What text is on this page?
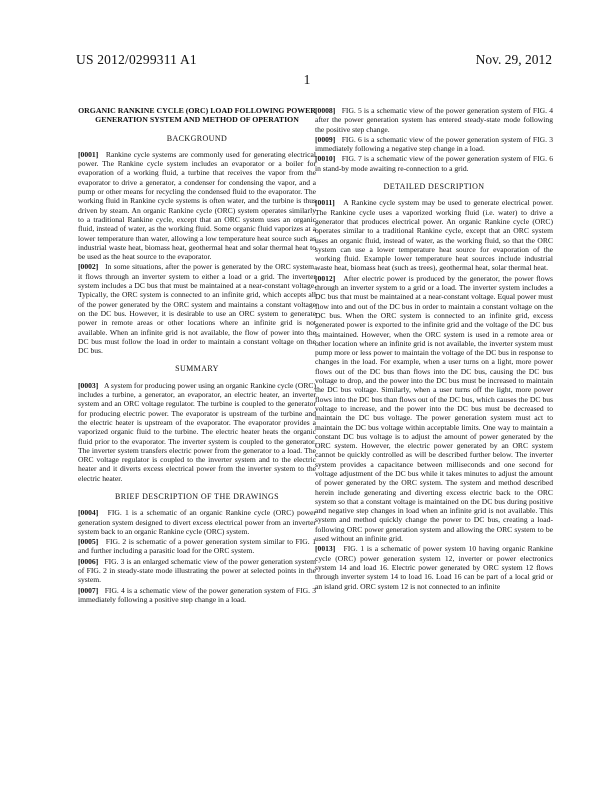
US 2012/0299311 A1	Nov. 29, 2012
1
ORGANIC RANKINE CYCLE (ORC) LOAD FOLLOWING POWER GENERATION SYSTEM AND METHOD OF OPERATION
BACKGROUND

[0001] Rankine cycle systems are commonly used for generating electrical power. The Rankine cycle system includes an evaporator or a boiler for evaporation of a working fluid, a turbine that receives the vapor from the evaporator to drive a generator, a condenser for condensing the vapor, and a pump or other means for recycling the condensed fluid to the evaporator. The working fluid in Rankine cycle systems is often water, and the turbine is thus driven by steam. An organic Rankine cycle (ORC) system operates similarly to a traditional Rankine cycle, except that an ORC system uses an organic fluid, instead of water, as the working fluid. Some organic fluid vaporizes at a lower temperature than water, allowing a low temperature heat source such as industrial waste heat, biomass heat, geothermal heat and solar thermal heat to be used as the heat source to the evaporator.

[0002] In some situations, after the power is generated by the ORC system, it flows through an inverter system to either a load or a grid. The inverter system includes a DC bus that must be maintained at a near-constant voltage. Typically, the ORC system is connected to an infinite grid, which accepts all of the power generated by the ORC system and maintains a constant voltage on the DC bus. However, it is desirable to use an ORC system to generate power in remote areas or other locations where an infinite grid is not available. When an infinite grid is not available, the flow of power into the DC bus must follow the load in order to maintain a constant voltage on the DC bus.

SUMMARY

[0003] A system for producing power using an organic Rankine cycle (ORC) includes a turbine, a generator, an evaporator, an electric heater, an inverter system and an ORC voltage regulator. The turbine is coupled to the generator for producing electric power. The evaporator is upstream of the turbine and the electric heater is upstream of the evaporator. The evaporator provides a vaporized organic fluid to the turbine. The electric heater heats the organic fluid prior to the evaporator. The inverter system is coupled to the generator. The inverter system transfers electric power from the generator to a load. The ORC voltage regulator is coupled to the inverter system and to the electric heater and it diverts excess electrical power from the inverter system to the electric heater.

BRIEF DESCRIPTION OF THE DRAWINGS

[0004] FIG. 1 is a schematic of an organic Rankine cycle (ORC) power generation system designed to divert excess electrical power from an inverter system back to an organic Rankine cycle (ORC) system.

[0005] FIG. 2 is schematic of a power generation system similar to FIG. 1 and further including a parasitic load for the ORC system.

[0006] FIG. 3 is an enlarged schematic view of the power generation system of FIG. 2 in steady-state mode illustrating the power at selected points in the system.

[0007] FIG. 4 is a schematic view of the power generation system of FIG. 3 immediately following a positive step change in a load.

[0008] FIG. 5 is a schematic view of the power generation system of FIG. 4 after the power generation system has entered steady-state mode following the positive step change.

[0009] FIG. 6 is a schematic view of the power generation system of FIG. 3 immediately following a negative step change in a load.

[0010] FIG. 7 is a schematic view of the power generation system of FIG. 6 in stand-by mode awaiting re-connection to a grid.

DETAILED DESCRIPTION

[0011] A Rankine cycle system may be used to generate electrical power. The Rankine cycle uses a vaporized working fluid (i.e. water) to drive a generator that produces electrical power. An organic Rankine cycle (ORC) operates similar to a traditional Rankine cycle, except that an ORC system uses an organic fluid, instead of water, as the working fluid, so that the ORC system can use a lower temperature heat source for evaporation of the working fluid. Example lower temperature heat sources include industrial waste heat, biomass heat (such as trees), geothermal heat, solar thermal heat.

[0012] After electric power is produced by the generator, the power flows through an inverter system to a grid or a load. The inverter system includes a DC bus that must be maintained at a near-constant voltage. Equal power must flow into and out of the DC bus in order to maintain a constant voltage on the DC bus. When the ORC system is connected to an infinite grid, excess generated power is exported to the infinite grid and the voltage of the DC bus is maintained. However, when the ORC system is used in a remote area or other location where an infinite grid is not available, the inverter system must pump more or less power to maintain the voltage of the DC bus in response to changes in the load. For example, when a user turns on a light, more power flows out of the DC bus than flows into the DC bus, causing the DC bus voltage to drop, and the power into the DC bus must be increased to maintain the DC bus voltage. Similarly, when a user turns off the light, more power flows into the DC bus than flows out of the DC bus, which causes the DC bus voltage to increase, and the power into the DC bus must be decreased to maintain the DC bus voltage. The power generation system must act to maintain the DC bus voltage within acceptable limits. One way to maintain a constant DC bus voltage is to adjust the amount of power generated by the ORC system. However, the electric power generated by an ORC system cannot be quickly controlled as will be described further below. The inverter system provides a capacitance between milliseconds and one second for voltage adjustment of the DC bus while it takes minutes to adjust the amount of power generated by the ORC system. The system and method described herein include generating and diverting excess electric back to the ORC system so that a constant voltage is maintained on the DC bus during positive and negative step changes in load when an infinite grid is not available. This system and method quickly change the power to DC bus, creating a load-following ORC power generation system and allowing the ORC system to be used without an infinite grid.

[0013] FIG. 1 is a schematic of power system 10 having organic Rankine cycle (ORC) power generation system 12, inverter or power electronics system 14 and load 16. Electric power generated by ORC system 12 flows through inverter system 14 to load 16. Load 16 can be part of a local grid or an island grid. ORC system 12 is not connected to an infinite
